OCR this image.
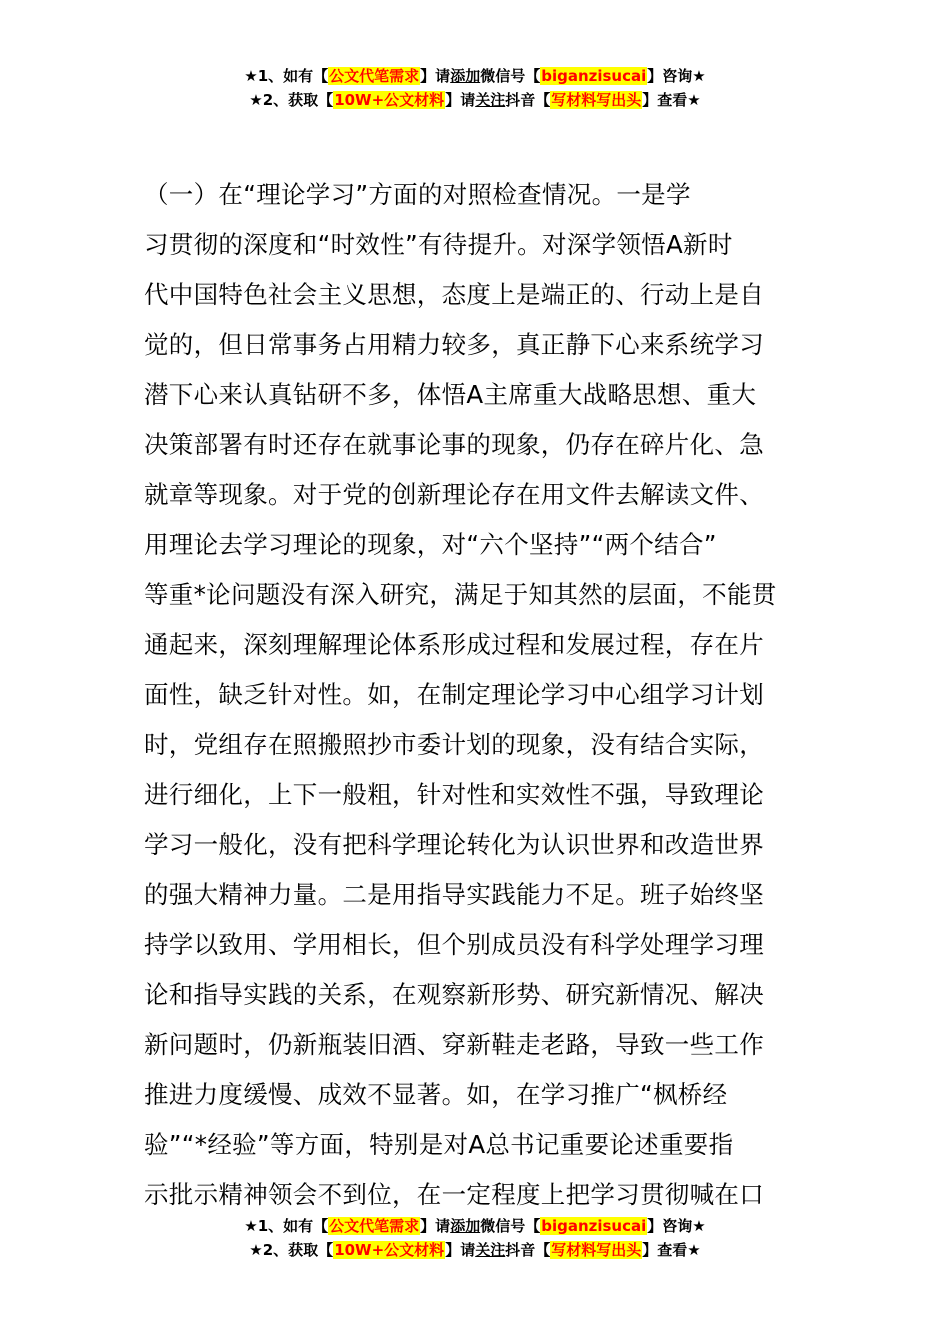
★1、如有【公文代笔需求】请添加微信号【biganzisucai】咨询★
★2、获取【10W+公文材料】请关注抖音【写材料写出头】查看★
（一）在“理论学习”方面的对照检查情况。一是学
习贯彻的深度和“时效性”有待提升。对深学领悟A新时
代中国特色社会主义思想，态度上是端正的、行动上是自
觉的，但日常事务占用精力较多，真正静下心来系统学习
潜下心来认真钻研不多，体悟A主席重大战略思想、重大
决策部署有时还存在就事论事的现象，仍存在碎片化、急
就章等现象。对于党的创新理论存在用文件去解读文件、
用理论去学习理论的现象，对“六个坚持”“两个结合”
等重*论问题没有深入研究，满足于知其然的层面，不能贯
通起来，深刻理解理论体系形成过程和发展过程，存在片
面性，缺乏针对性。如，在制定理论学习中心组学习计划
时，党组存在照搬照抄市委计划的现象，没有结合实际，
进行细化，上下一般粗，针对性和实效性不强，导致理论
学习一般化，没有把科学理论转化为认识世界和改造世界
的强大精神力量。二是用指导实践能力不足。班子始终坚
持学以致用、学用相长，但个别成员没有科学处理学习理
论和指导实践的关系，在观察新形势、研究新情况、解决
新问题时，仍新瓶装旧酒、穿新鞋走老路，导致一些工作
推进力度缓慢、成效不显著。如，在学习推广“枫桥经
验”“*经验”等方面，特别是对A总书记重要论述重要指
示批示精神领会不到位，在一定程度上把学习贯彻喊在口
★1、如有【公文代笔需求】请添加微信号【biganzisucai】咨询★
★2、获取【10W+公文材料】请关注抖音【写材料写出头】查看★
